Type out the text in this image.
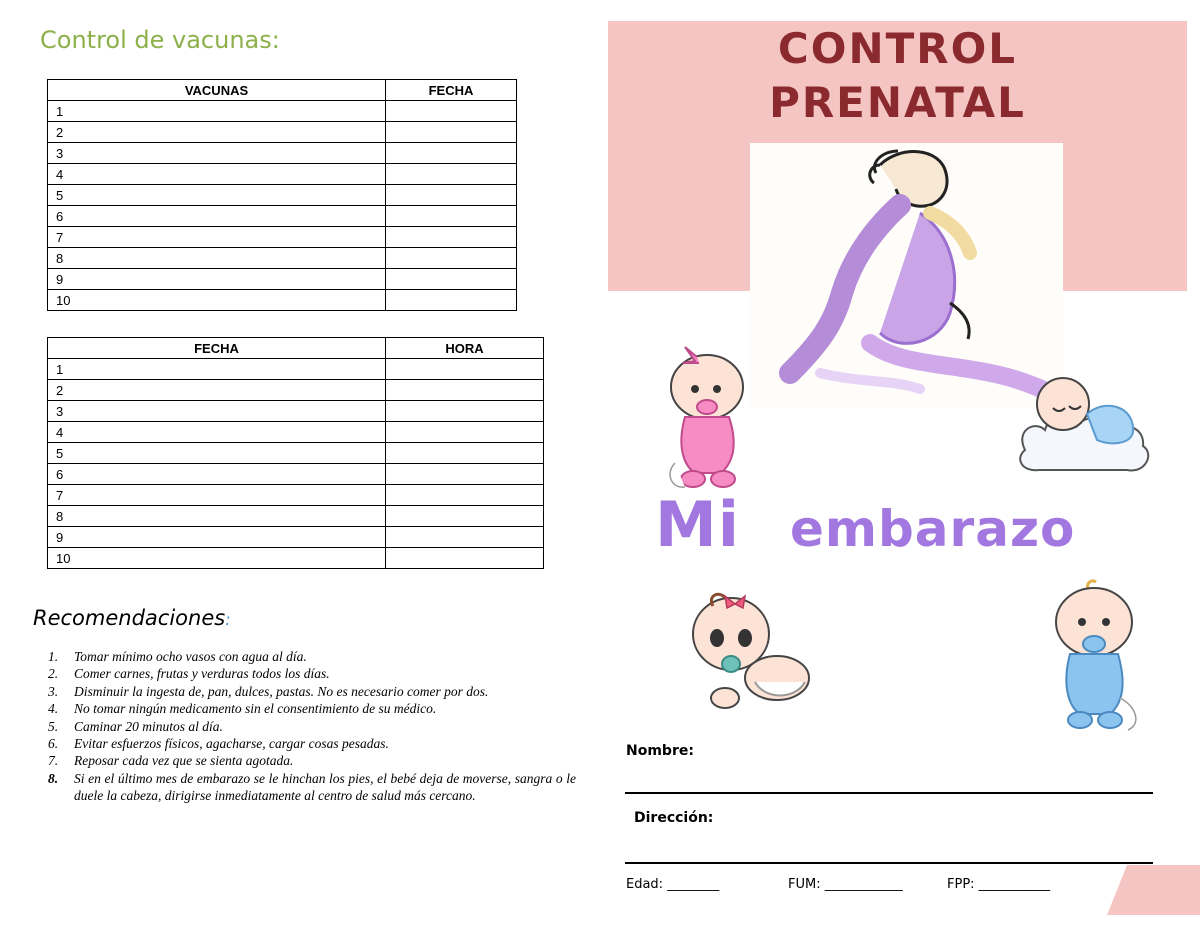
Control de vacunas:
VACUNAS	FECHA
1	
2	
3	
4	
5	
6	
7	
8	
9	
10	
FECHA	HORA
1	
2	
3	
4	
5	
6	
7	
8	
9	
10	
Recomendaciones:
1. Tomar mínimo ocho vasos con agua al día.
2. Comer carnes, frutas y verduras todos los días.
3. Disminuir la ingesta de, pan, dulces, pastas. No es necesario comer por dos.
4. No tomar ningún medicamento sin el consentimiento de su médico.
5. Caminar 20 minutos al día.
6. Evitar esfuerzos físicos, agacharse, cargar cosas pesadas.
7. Reposar cada vez que se sienta agotada.
8. Si en el último mes de embarazo se le hinchan los pies, el bebé deja de moverse, sangra o le duele la cabeza, dirigirse inmediatamente al centro de salud más cercano.
CONTROL
PRENATAL
Mi embarazo
Nombre:
Dirección:
Edad: ________	FUM: ____________	FPP: ___________
